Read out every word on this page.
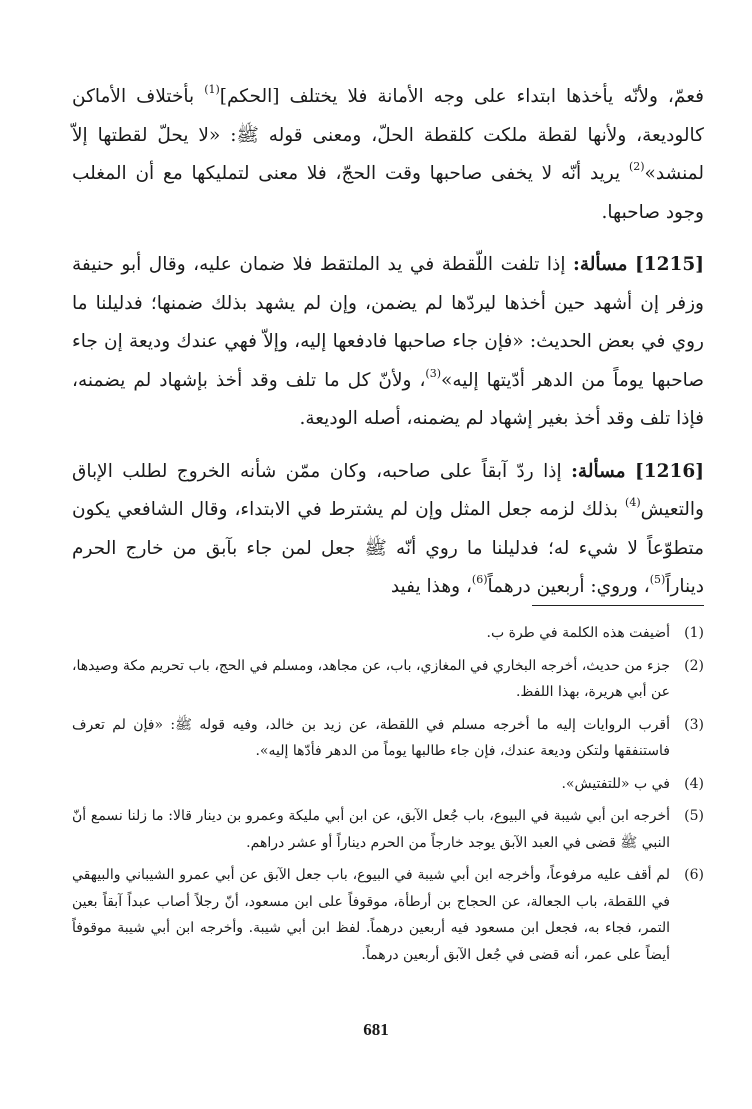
فعمّ، ولأنّه يأخذها ابتداء على وجه الأمانة فلا يختلف [الحكم]$^{(1)}$ بأختلاف الأماكن كالوديعة، ولأنها لقطة ملكت كلقطة الحلّ، ومعنى قوله ﷺ: «لا يحلّ لقطتها إلاّ لمنشد»$^{(2)}$ يريد أنّه لا يخفى صاحبها وقت الحجّ، فلا معنى لتمليكها مع أن المغلب وجود صاحبها.

[1215] مسألة: إذا تلفت اللّقطة في يد الملتقط فلا ضمان عليه، وقال أبو حنيفة وزفر إن أشهد حين أخذها ليردّها لم يضمن، وإن لم يشهد بذلك ضمنها؛ فدليلنا ما روي في بعض الحديث: «فإن جاء صاحبها فادفعها إليه، وإلاّ فهي عندك وديعة إن جاء صاحبها يوماً من الدهر أدّيتها إليه»$^{(3)}$، ولأنّ كل ما تلف وقد أخذ بإشهاد لم يضمنه، فإذا تلف وقد أخذ بغير إشهاد لم يضمنه، أصله الوديعة.

[1216] مسألة: إذا ردّ آبقاً على صاحبه، وكان ممّن شأنه الخروج لطلب الإباق والتعيش$^{(4)}$ بذلك لزمه جعل المثل وإن لم يشترط في الابتداء، وقال الشافعي يكون متطوّعاً لا شيء له؛ فدليلنا ما روي أنّه ﷺ جعل لمن جاء بآبق من خارج الحرم ديناراً$^{(5)}$، وروي: أربعين درهماً$^{(6)}$، وهذا يفيد

(1)
أضيفت هذه الكلمة في طرة ب.
(2)
جزء من حديث، أخرجه البخاري في المغازي، باب، عن مجاهد، ومسلم في الحج، باب تحريم مكة وصيدها، عن أبي هريرة، بهذا اللفظ.
(3)
أقرب الروايات إليه ما أخرجه مسلم في اللقطة، عن زيد بن خالد، وفيه قوله ﷺ: «فإن لم تعرف فاستنفقها ولتكن وديعة عندك، فإن جاء طالبها يوماً من الدهر فأدّها إليه».
(4)
في ب «للتفتيش».
(5)
أخرجه ابن أبي شيبة في البيوع، باب جُعل الآبق، عن ابن أبي مليكة وعمرو بن دينار قالا: ما زلنا نسمع أنّ النبي ﷺ قضى في العبد الآبق يوجد خارجاً من الحرم ديناراً أو عشر دراهم.
(6)
لم أقف عليه مرفوعاً، وأخرجه ابن أبي شيبة في البيوع، باب جعل الآبق عن أبي عمرو الشيباني والبيهقي في اللقطة، باب الجعالة، عن الحجاج بن أرطأة، موقوفاً على ابن مسعود، أنّ رجلاً أصاب عبداً آبقاً بعين التمر، فجاء به، فجعل ابن مسعود فيه أربعين درهماً. لفظ ابن أبي شيبة. وأخرجه ابن أبي شيبة موقوفاً أيضاً على عمر، أنه قضى في جُعل الآبق أربعين درهماً.
681
